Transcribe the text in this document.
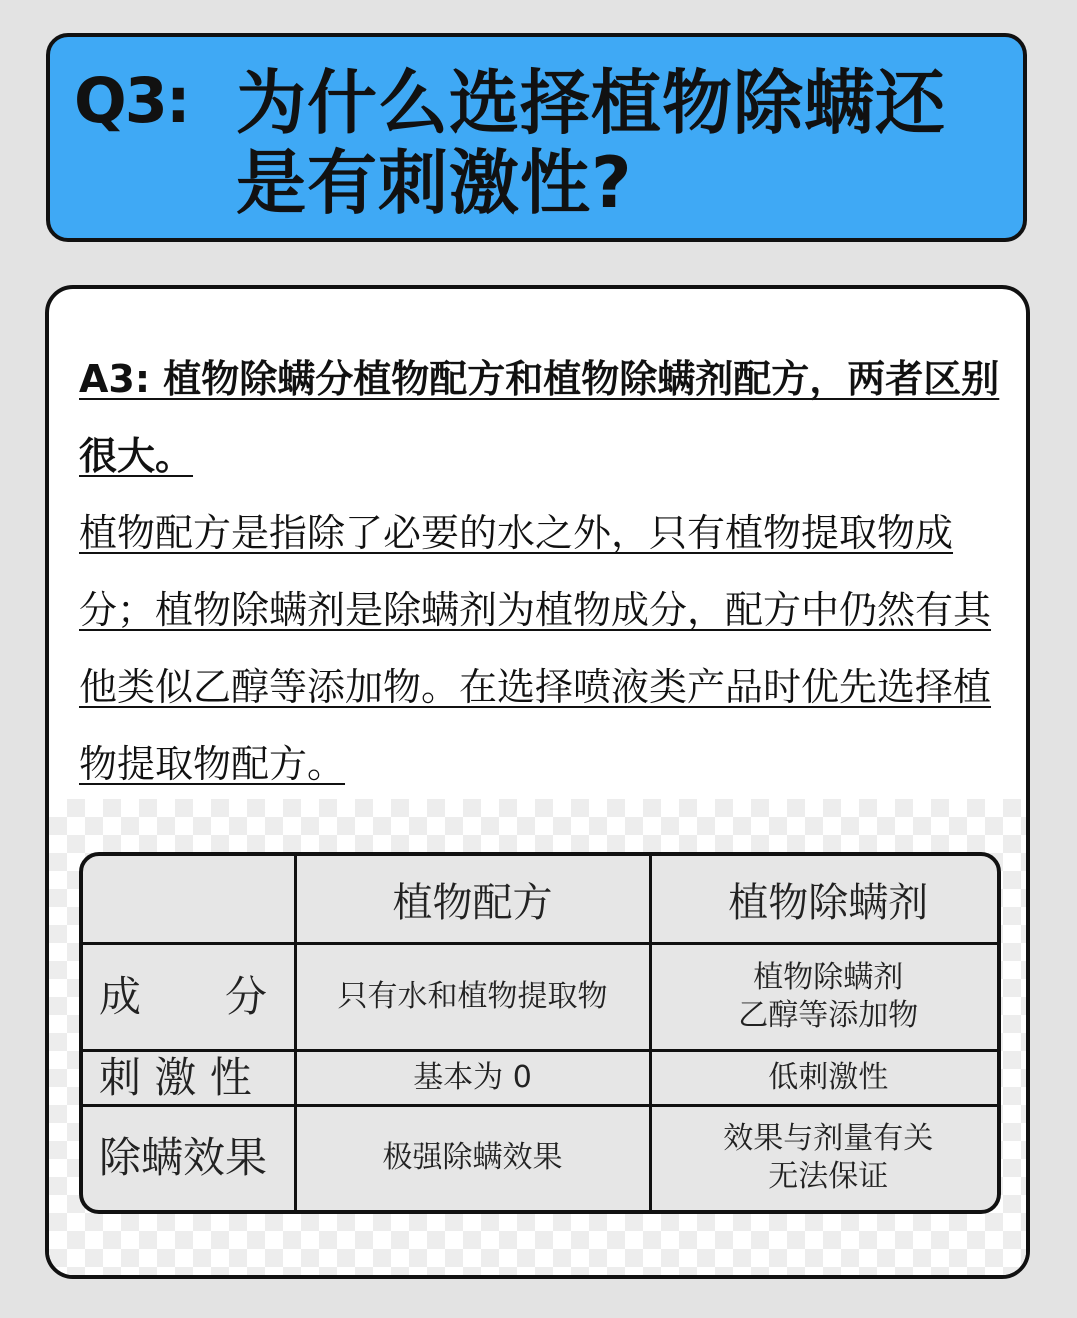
Q3: 为什么选择植物除螨还是有刺激性?
A3: 植物除螨分植物配方和植物除螨剂配方，两者区别很大。
植物配方是指除了必要的水之外，只有植物提取物成分；植物除螨剂是除螨剂为植物成分，配方中仍然有其他类似乙醇等添加物。在选择喷液类产品时优先选择植物提取物配方。
	植物配方	植物除螨剂
成　　分	只有水和植物提取物	植物除螨剂
乙醇等添加物

刺 激 性	基本为 0	低刺激性

除螨效果	极强除螨效果	效果与剂量有关
无法保证
